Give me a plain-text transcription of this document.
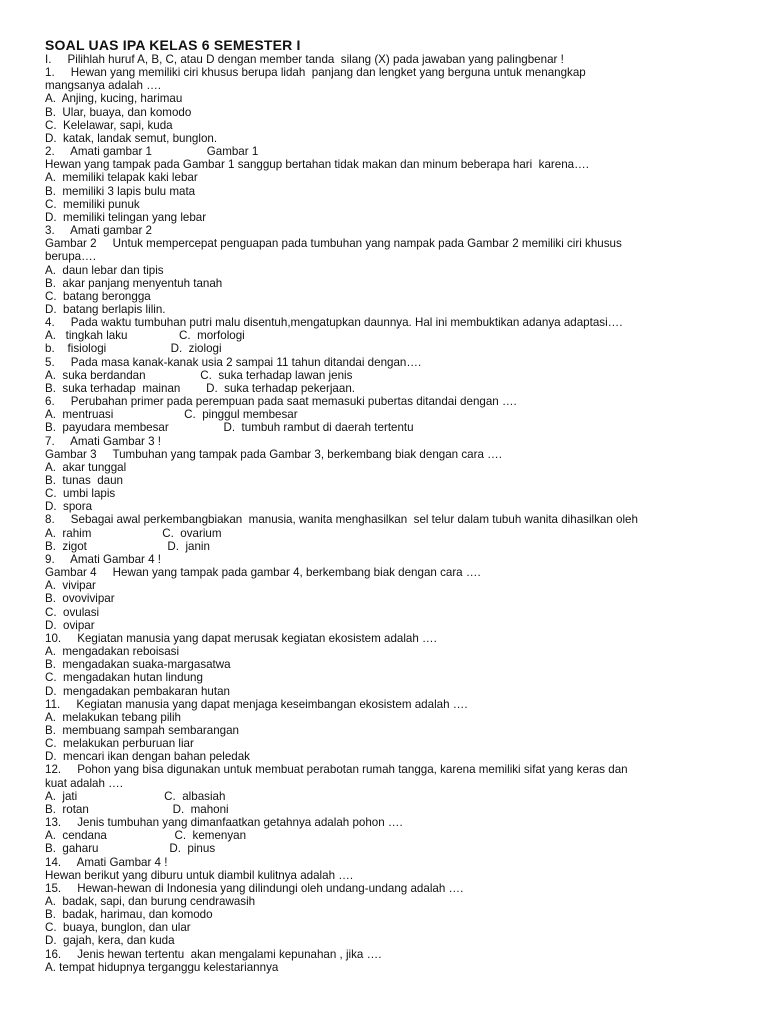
SOAL UAS IPA KELAS 6 SEMESTER I
I.     Pilihlah huruf A, B, C, atau D dengan member tanda  silang (X) pada jawaban yang palingbenar !
1.     Hewan yang memiliki ciri khusus berupa lidah  panjang dan lengket yang berguna untuk menangkap
mangsanya adalah ….
A.  Anjing, kucing, harimau
B.  Ular, buaya, dan komodo
C.  Kelelawar, sapi, kuda
D.  katak, landak semut, bunglon.
2.     Amati gambar 1                 Gambar 1
Hewan yang tampak pada Gambar 1 sanggup bertahan tidak makan dan minum beberapa hari  karena….
A.  memiliki telapak kaki lebar
B.  memiliki 3 lapis bulu mata
C.  memiliki punuk
D.  memiliki telingan yang lebar
3.     Amati gambar 2
Gambar 2     Untuk mempercepat penguapan pada tumbuhan yang nampak pada Gambar 2 memiliki ciri khusus
berupa….
A.  daun lebar dan tipis
B.  akar panjang menyentuh tanah
C.  batang berongga
D.  batang berlapis lilin.
4.     Pada waktu tumbuhan putri malu disentuh,mengatupkan daunnya. Hal ini membuktikan adanya adaptasi….
A.   tingkah laku                C.  morfologi
b.    fisiologi                    D.  ziologi
5.     Pada masa kanak-kanak usia 2 sampai 11 tahun ditandai dengan….
A.  suka berdandan                 C.  suka terhadap lawan jenis
B.  suka terhadap  mainan        D.  suka terhadap pekerjaan.
6.     Perubahan primer pada perempuan pada saat memasuki pubertas ditandai dengan ….
A.  mentruasi                      C.  pinggul membesar
B.  payudara membesar                 D.  tumbuh rambut di daerah tertentu
7.     Amati Gambar 3 !
Gambar 3     Tumbuhan yang tampak pada Gambar 3, berkembang biak dengan cara ….
A.  akar tunggal
B.  tunas  daun
C.  umbi lapis
D.  spora
8.     Sebagai awal perkembangbiakan  manusia, wanita menghasilkan  sel telur dalam tubuh wanita dihasilkan oleh
A.  rahim                      C.  ovarium
B.  zigot                         D.  janin
9.     Amati Gambar 4 !
Gambar 4     Hewan yang tampak pada gambar 4, berkembang biak dengan cara ….
A.  vivipar
B.  ovovivipar
C.  ovulasi
D.  ovipar
10.     Kegiatan manusia yang dapat merusak kegiatan ekosistem adalah ….
A.  mengadakan reboisasi
B.  mengadakan suaka-margasatwa
C.  mengadakan hutan lindung
D.  mengadakan pembakaran hutan
11.     Kegiatan manusia yang dapat menjaga keseimbangan ekosistem adalah ….
A.  melakukan tebang pilih
B.  membuang sampah sembarangan
C.  melakukan perburuan liar
D.  mencari ikan dengan bahan peledak
12.     Pohon yang bisa digunakan untuk membuat perabotan rumah tangga, karena memiliki sifat yang keras dan
kuat adalah ….
A.  jati                           C.  albasiah
B.  rotan                          D.  mahoni
13.     Jenis tumbuhan yang dimanfaatkan getahnya adalah pohon ….
A.  cendana                     C.  kemenyan
B.  gaharu                      D.  pinus
14.     Amati Gambar 4 !
Hewan berikut yang diburu untuk diambil kulitnya adalah ….
15.     Hewan-hewan di Indonesia yang dilindungi oleh undang-undang adalah ….
A.  badak, sapi, dan burung cendrawasih
B.  badak, harimau, dan komodo
C.  buaya, bunglon, dan ular
D.  gajah, kera, dan kuda
16.     Jenis hewan tertentu  akan mengalami kepunahan , jika ….
A. tempat hidupnya terganggu kelestariannya
